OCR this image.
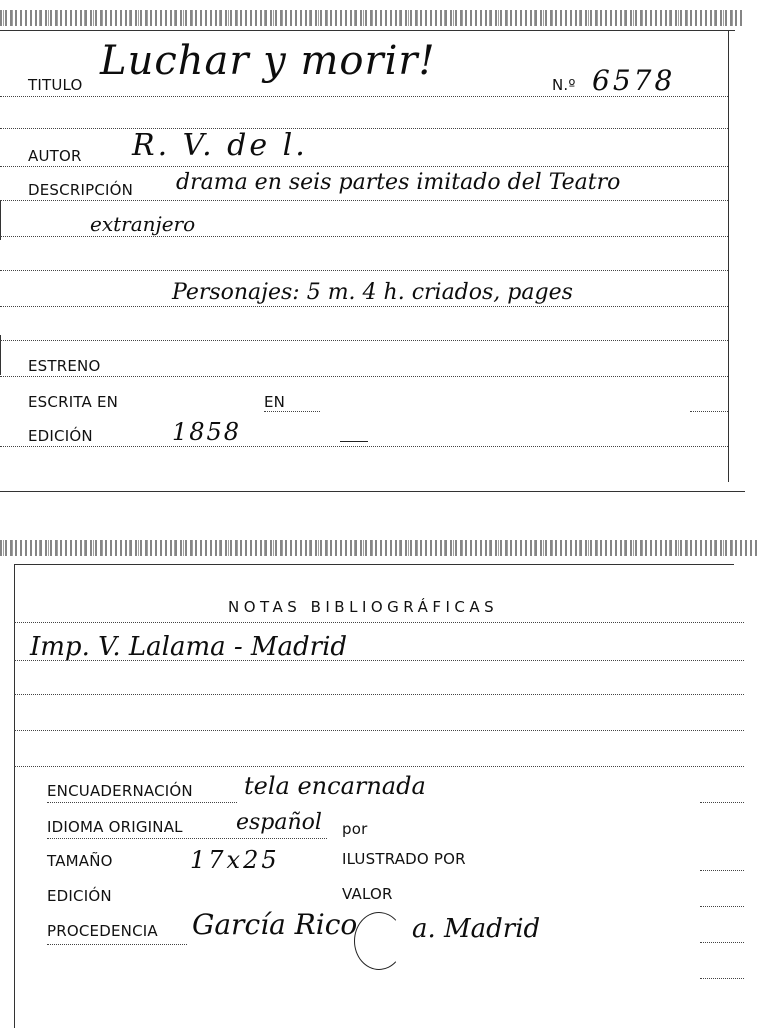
TITULO
Luchar y morir!
N.º 6578
AUTOR R. V. de l.
DESCRIPCIÓN drama en seis partes imitado del Teatro
extranjero
Personajes: 5 m. 4 h. criados, pages
ESTRENO
ESCRITA EN	EN
EDICIÓN	1858
NOTAS BIBLIOGRÁFICAS
Imp. V. Lalama - Madrid
ENCUADERNACIÓN tela encarnada
IDIOMA ORIGINAL español por
TAMAÑO	17x25	ILUSTRADO POR
EDICIÓN	VALOR
PROCEDENCIA García Rico a. Madrid
